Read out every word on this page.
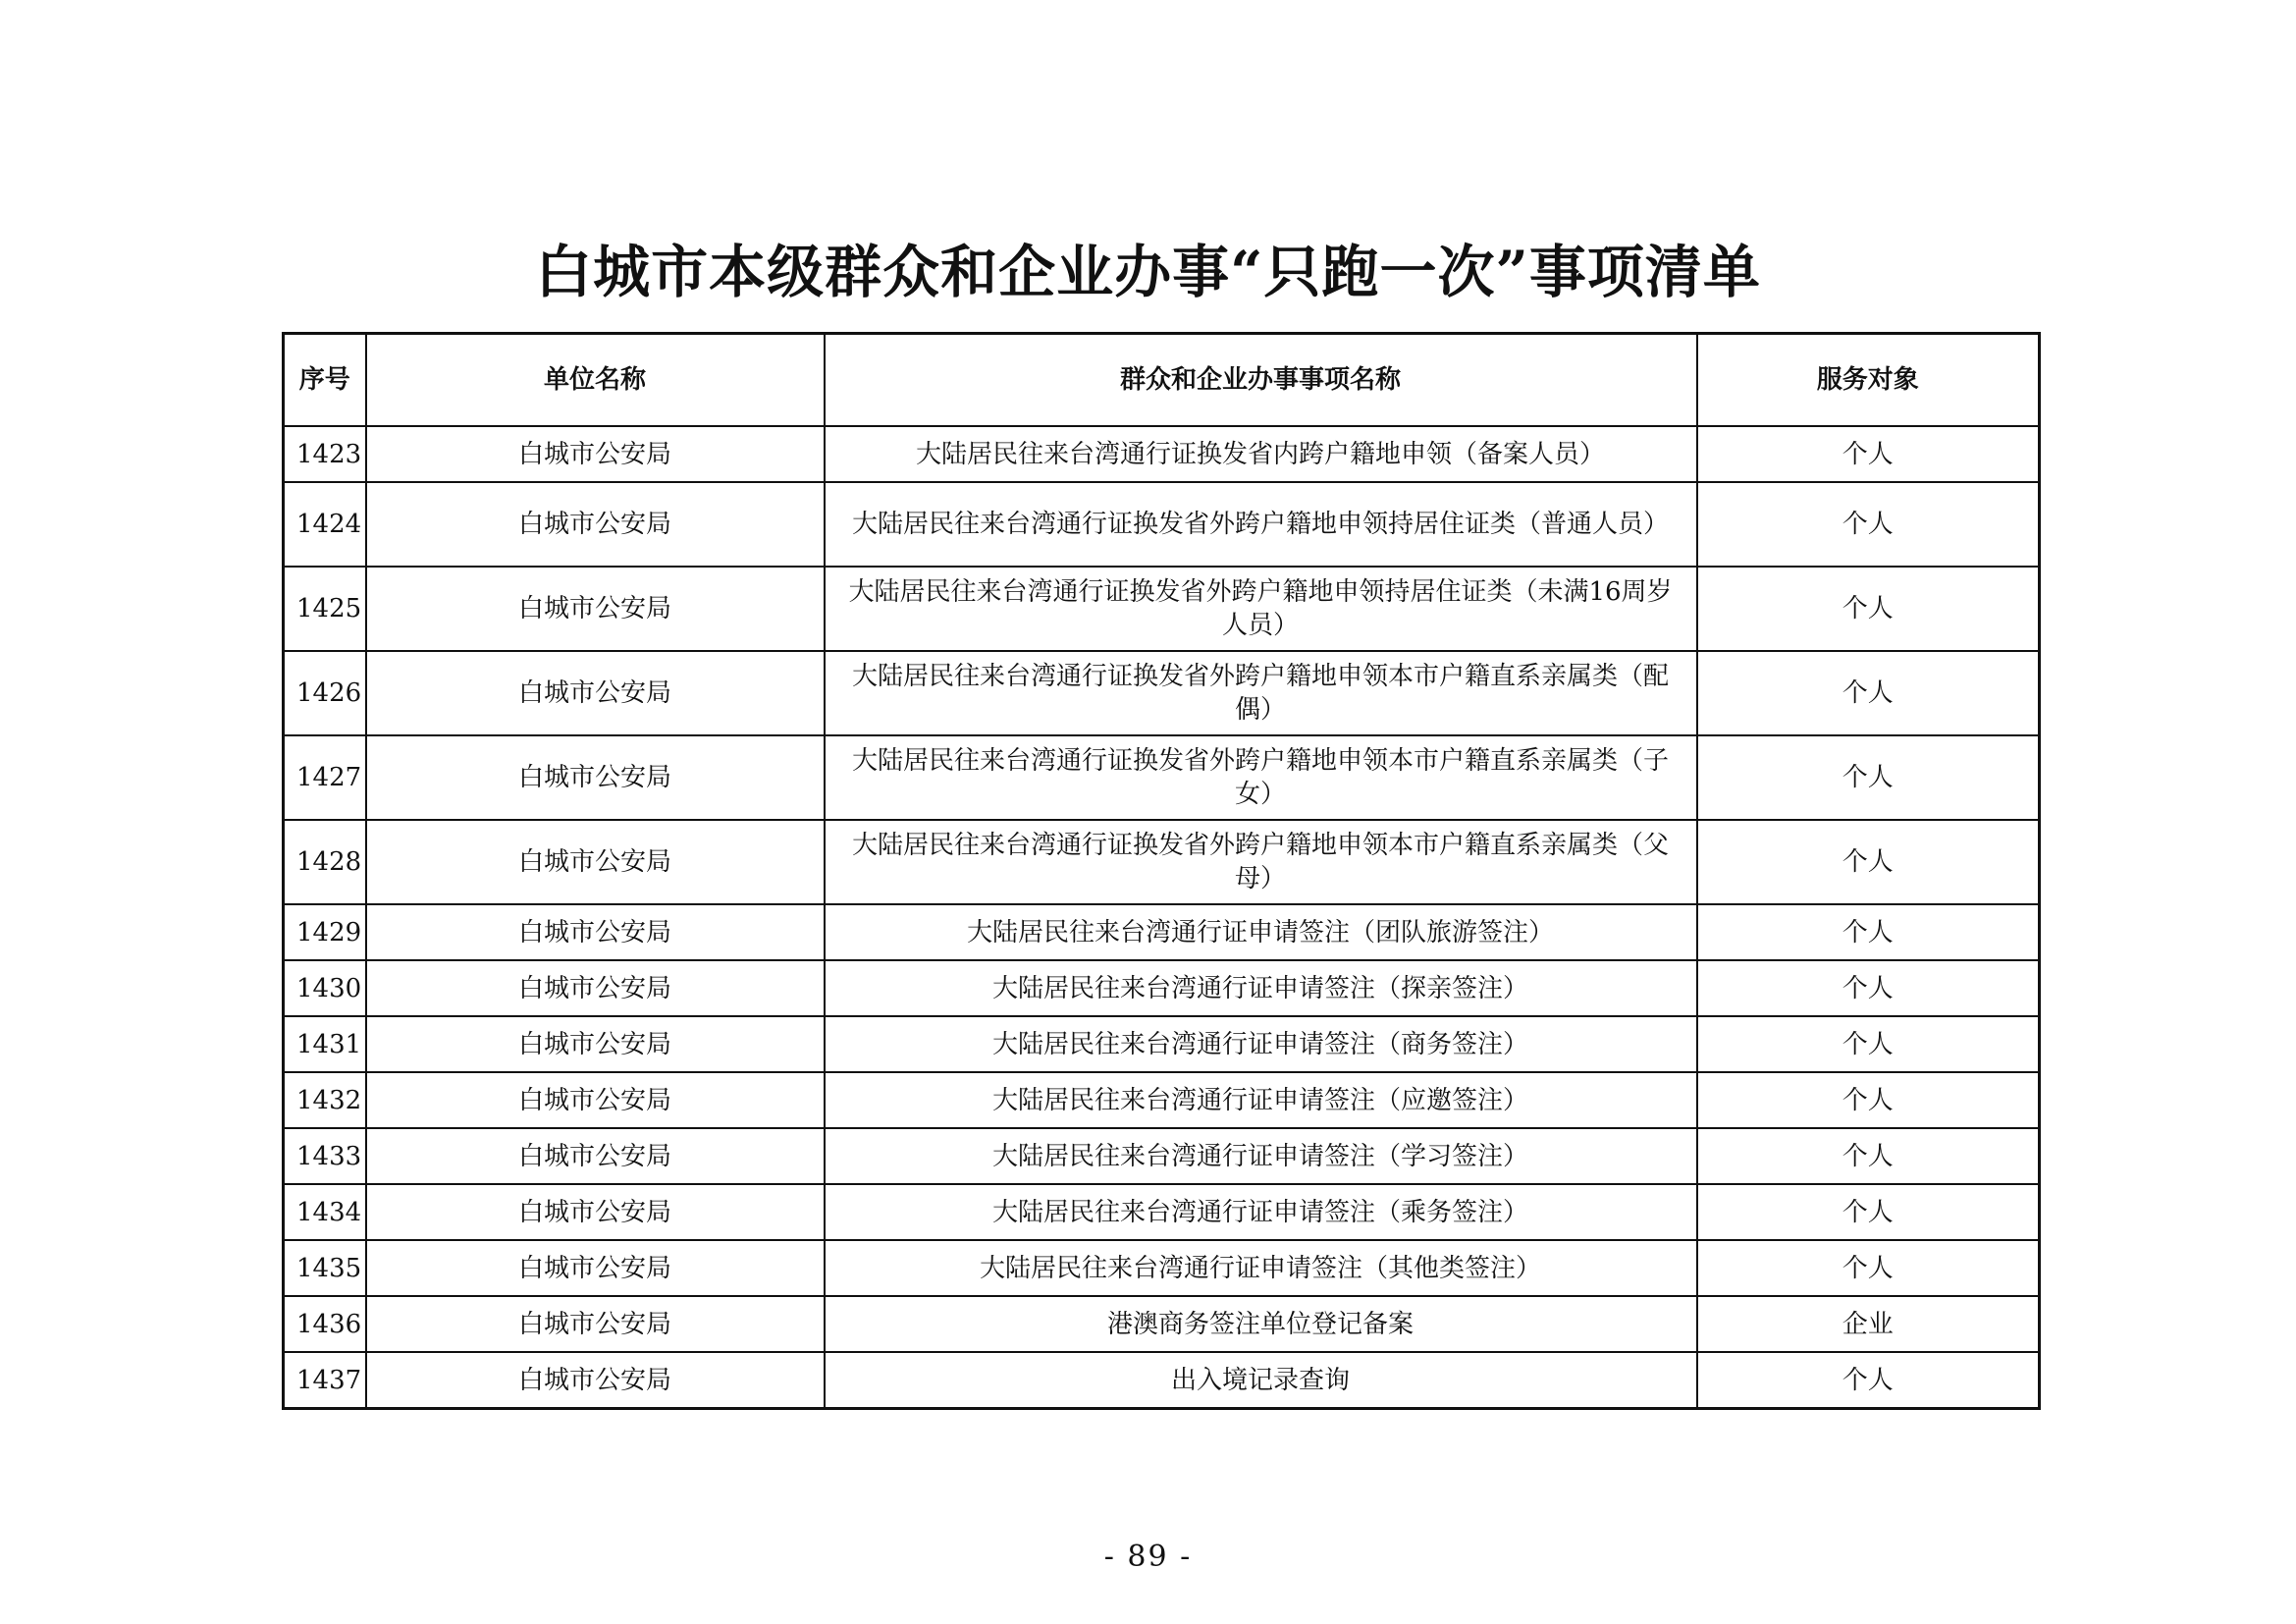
白城市本级群众和企业办事“只跑一次”事项清单
序号	单位名称	群众和企业办事事项名称	服务对象
1423	白城市公安局	大陆居民往来台湾通行证换发省内跨户籍地申领（备案人员）	个人
1424	白城市公安局	大陆居民往来台湾通行证换发省外跨户籍地申领持居住证类（普通人员）	个人
1425	白城市公安局	大陆居民往来台湾通行证换发省外跨户籍地申领持居住证类（未满16周岁人员）	个人
1426	白城市公安局	大陆居民往来台湾通行证换发省外跨户籍地申领本市户籍直系亲属类（配偶）	个人
1427	白城市公安局	大陆居民往来台湾通行证换发省外跨户籍地申领本市户籍直系亲属类（子女）	个人
1428	白城市公安局	大陆居民往来台湾通行证换发省外跨户籍地申领本市户籍直系亲属类（父母）	个人
1429	白城市公安局	大陆居民往来台湾通行证申请签注（团队旅游签注）	个人
1430	白城市公安局	大陆居民往来台湾通行证申请签注（探亲签注）	个人
1431	白城市公安局	大陆居民往来台湾通行证申请签注（商务签注）	个人
1432	白城市公安局	大陆居民往来台湾通行证申请签注（应邀签注）	个人
1433	白城市公安局	大陆居民往来台湾通行证申请签注（学习签注）	个人
1434	白城市公安局	大陆居民往来台湾通行证申请签注（乘务签注）	个人
1435	白城市公安局	大陆居民往来台湾通行证申请签注（其他类签注）	个人
1436	白城市公安局	港澳商务签注单位登记备案	企业
1437	白城市公安局	出入境记录查询	个人
- 89 -
